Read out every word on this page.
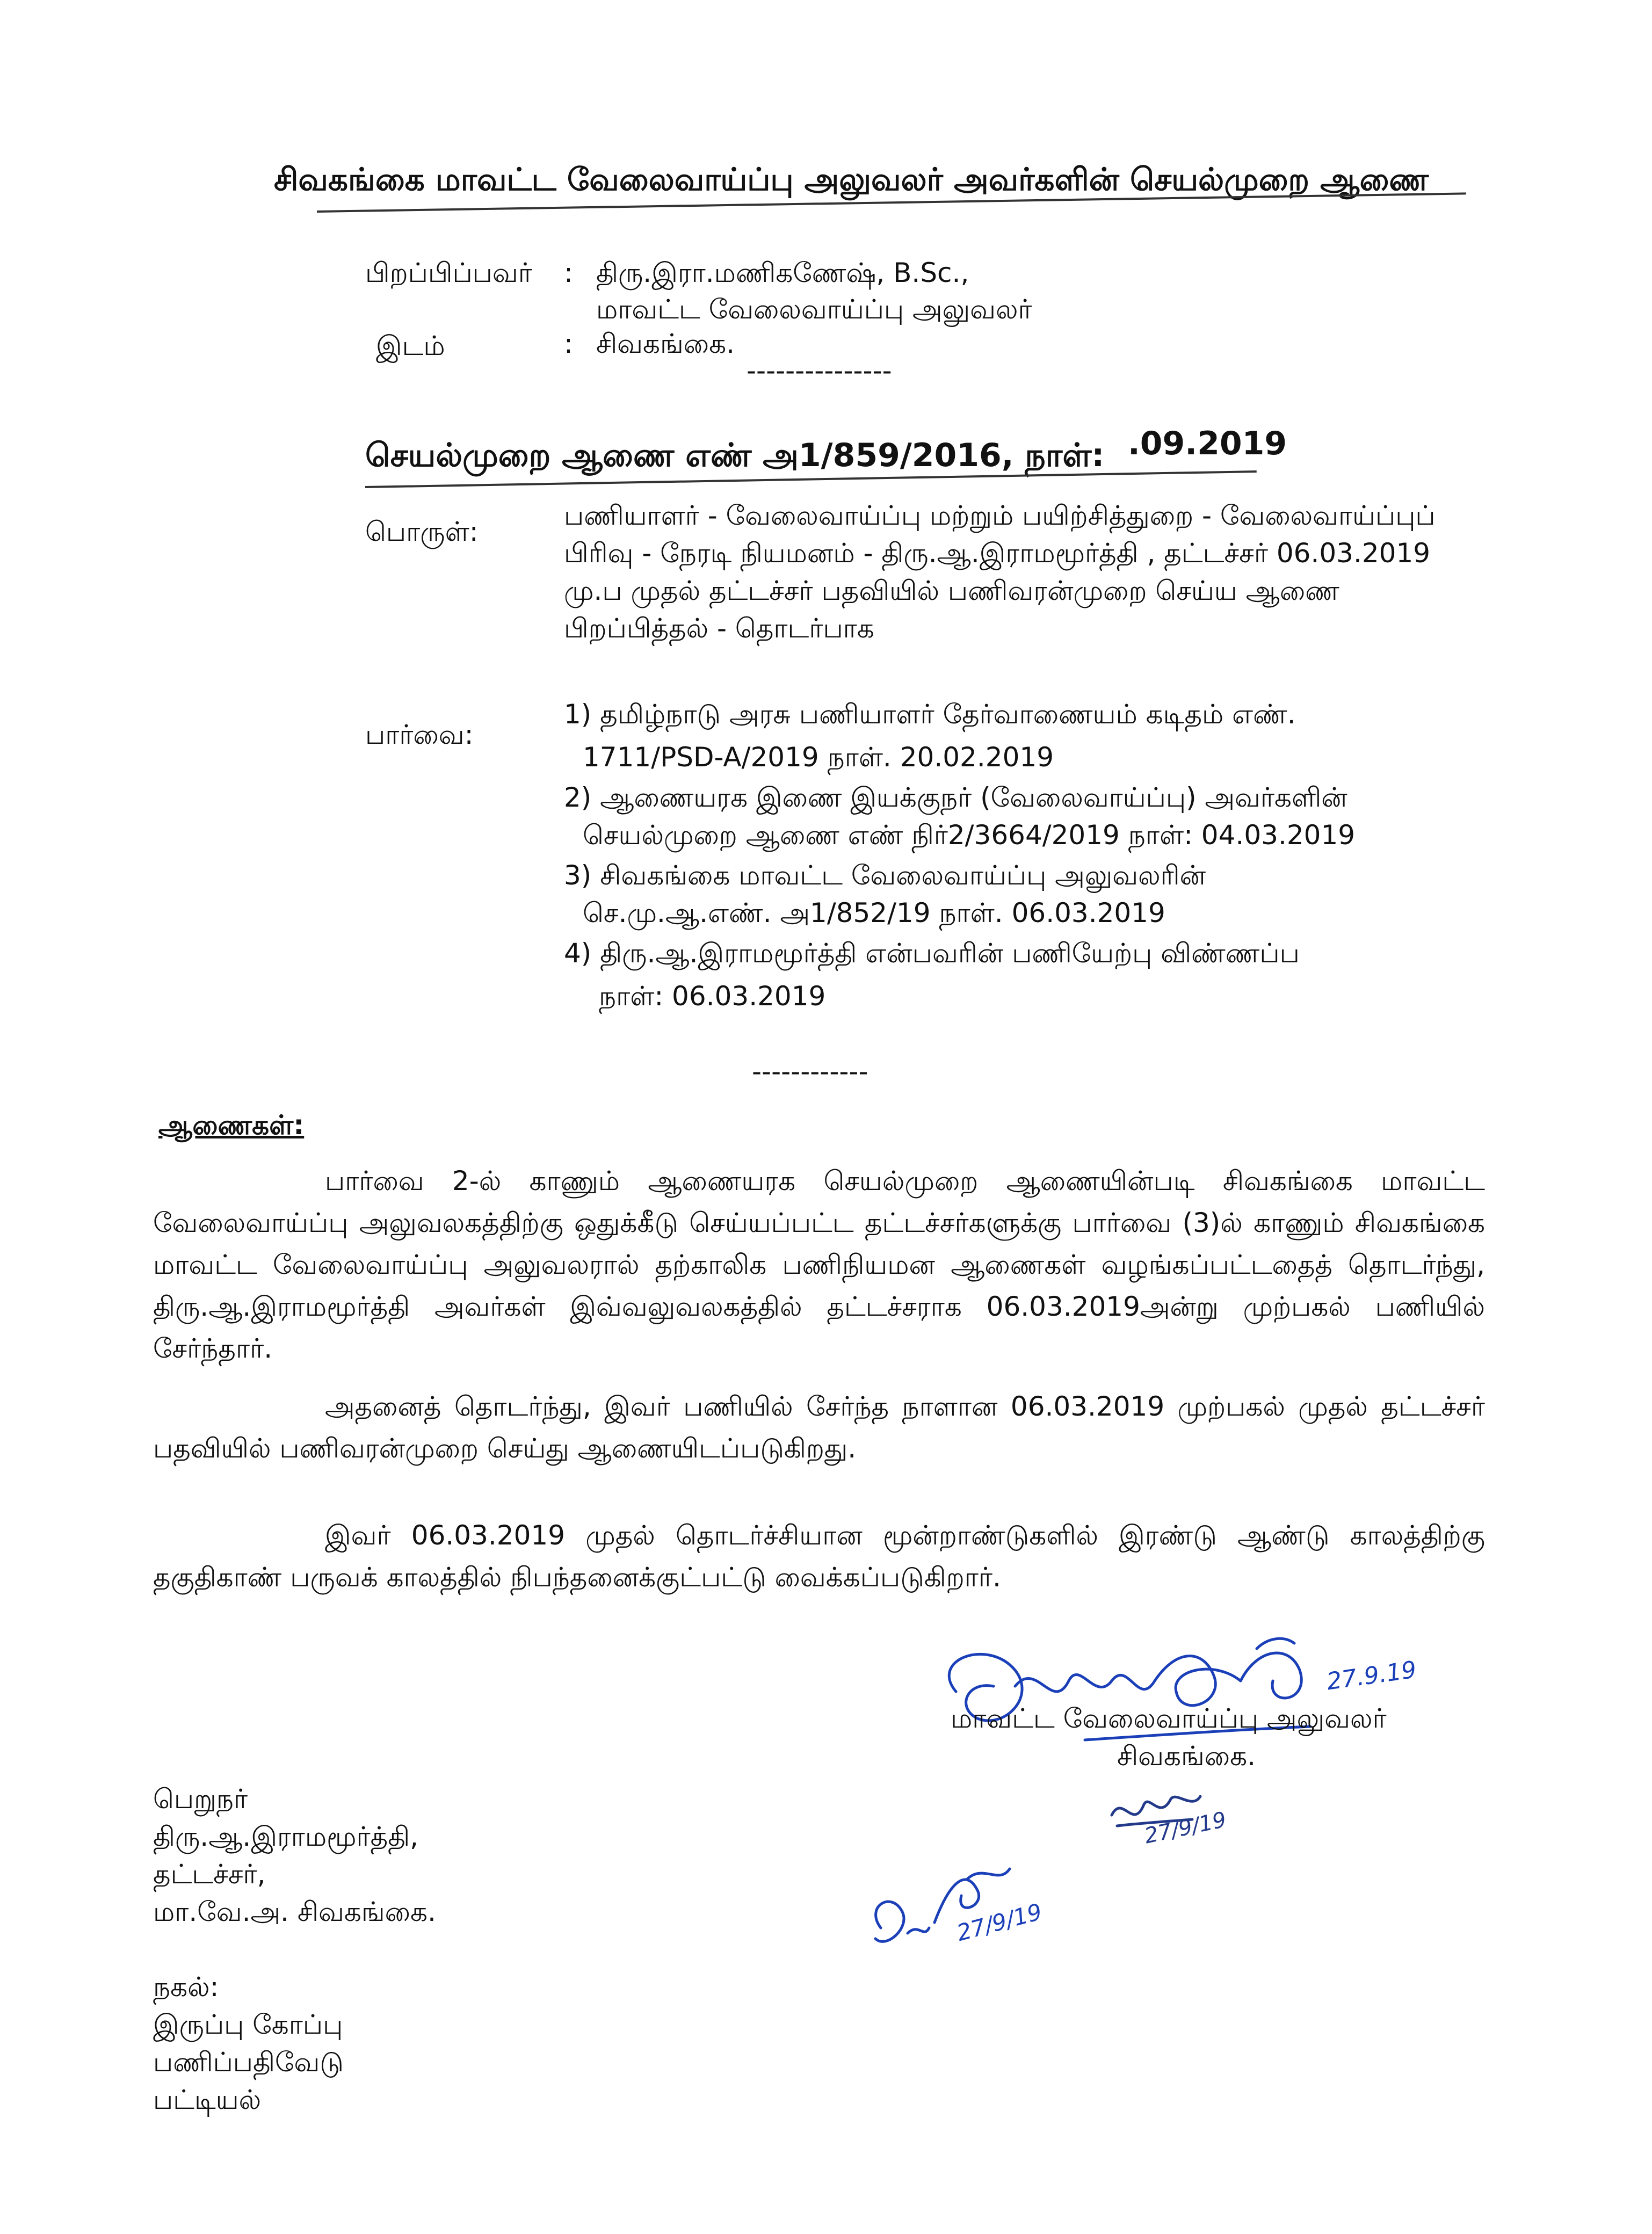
சிவகங்கை மாவட்ட வேலைவாய்ப்பு அலுவலர் அவர்களின் செயல்முறை ஆணை
பிறப்பிப்பவர் : திரு.இரா.மணிகணேஷ், B.Sc.,
மாவட்ட வேலைவாய்ப்பு அலுவலர்
இடம்	: சிவகங்கை.
---------------
செயல்முறை ஆணை எண் அ1/859/2016, நாள்: .09.2019
பொருள்:
பணியாளர் - வேலைவாய்ப்பு மற்றும் பயிற்சித்துறை - வேலைவாய்ப்புப்
பிரிவு - நேரடி நியமனம் - திரு.ஆ.இராமமூர்த்தி , தட்டச்சர் 06.03.2019
மு.ப முதல் தட்டச்சர் பதவியில் பணிவரன்முறை செய்ய ஆணை
பிறப்பித்தல் - தொடர்பாக
பார்வை:
1) தமிழ்நாடு அரசு பணியாளர் தேர்வாணையம் கடிதம் எண்.
1711/PSD-A/2019 நாள். 20.02.2019
2) ஆணையரக இணை இயக்குநர் (வேலைவாய்ப்பு) அவர்களின்
செயல்முறை ஆணை எண் நிர்2/3664/2019 நாள்: 04.03.2019
3) சிவகங்கை மாவட்ட வேலைவாய்ப்பு அலுவலரின்
செ.மு.ஆ.எண். அ1/852/19 நாள். 06.03.2019
4) திரு.ஆ.இராமமூர்த்தி என்பவரின் பணியேற்பு விண்ணப்ப
நாள்: 06.03.2019
------------
ஆணைகள்:
பார்வை 2-ல் காணும் ஆணையரக செயல்முறை ஆணையின்படி சிவகங்கை மாவட்ட வேலைவாய்ப்பு அலுவலகத்திற்கு ஒதுக்கீடு செய்யப்பட்ட தட்டச்சர்களுக்கு பார்வை (3)ல் காணும் சிவகங்கை மாவட்ட வேலைவாய்ப்பு அலுவலரால் தற்காலிக பணிநியமன ஆணைகள் வழங்கப்பட்டதைத் தொடர்ந்து, திரு.ஆ.இராமமூர்த்தி அவர்கள் இவ்வலுவலகத்தில் தட்டச்சராக 06.03.2019அன்று முற்பகல் பணியில் சேர்ந்தார்.
அதனைத் தொடர்ந்து, இவர் பணியில் சேர்ந்த நாளான 06.03.2019 முற்பகல் முதல் தட்டச்சர் பதவியில் பணிவரன்முறை செய்து ஆணையிடப்படுகிறது.
இவர் 06.03.2019 முதல் தொடர்ச்சியான மூன்றாண்டுகளில் இரண்டு ஆண்டு காலத்திற்கு தகுதிகாண் பருவக் காலத்தில் நிபந்தனைக்குட்பட்டு வைக்கப்படுகிறார்.
27.9.19
மாவட்ட வேலைவாய்ப்பு அலுவலர்
சிவகங்கை.
பெறுநர்
திரு.ஆ.இராமமூர்த்தி,
தட்டச்சர்,
மா.வே.அ. சிவகங்கை.
நகல்:
இருப்பு கோப்பு
பணிப்பதிவேடு
பட்டியல்
27/9/19
27/9/19
